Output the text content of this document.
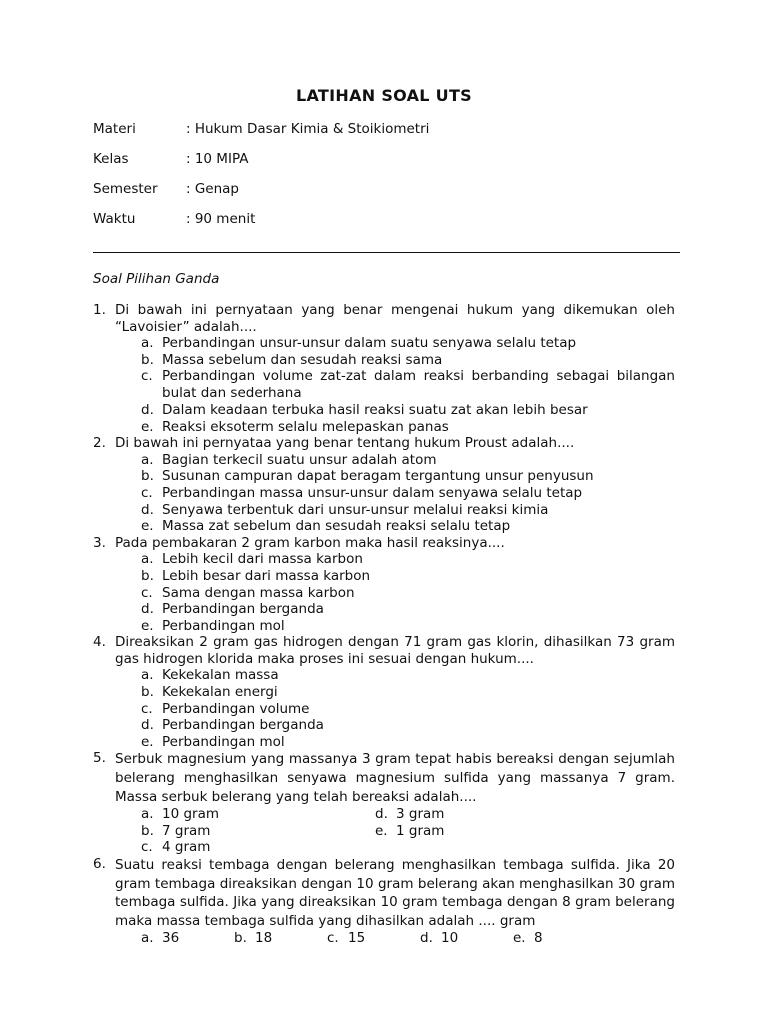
LATIHAN SOAL UTS
Materi	: Hukum Dasar Kimia & Stoikiometri
Kelas	: 10 MIPA
Semester : Genap
Waktu	: 90 menit
Soal Pilihan Ganda
1. Di bawah ini pernyataan yang benar mengenai hukum yang dikemukan oleh “Lavoisier” adalah....
a. Perbandingan unsur-unsur dalam suatu senyawa selalu tetap
b. Massa sebelum dan sesudah reaksi sama
c. Perbandingan volume zat-zat dalam reaksi berbanding sebagai bilangan bulat dan sederhana
d. Dalam keadaan terbuka hasil reaksi suatu zat akan lebih besar
e. Reaksi eksoterm selalu melepaskan panas
2. Di bawah ini pernyataa yang benar tentang hukum Proust adalah....
a. Bagian terkecil suatu unsur adalah atom
b. Susunan campuran dapat beragam tergantung unsur penyusun
c. Perbandingan massa unsur-unsur dalam senyawa selalu tetap
d. Senyawa terbentuk dari unsur-unsur melalui reaksi kimia
e. Massa zat sebelum dan sesudah reaksi selalu tetap
3. Pada pembakaran 2 gram karbon maka hasil reaksinya....
a. Lebih kecil dari massa karbon
b. Lebih besar dari massa karbon
c. Sama dengan massa karbon
d. Perbandingan berganda
e. Perbandingan mol
4. Direaksikan 2 gram gas hidrogen dengan 71 gram gas klorin, dihasilkan 73 gram gas hidrogen klorida maka proses ini sesuai dengan hukum....
a. Kekekalan massa
b. Kekekalan energi
c. Perbandingan volume
d. Perbandingan berganda
e. Perbandingan mol
5. Serbuk magnesium yang massanya 3 gram tepat habis bereaksi dengan sejumlah belerang menghasilkan senyawa magnesium sulfida yang massanya 7 gram. Massa serbuk belerang yang telah bereaksi adalah....
a. 10 gram	d. 3 gram
b. 7 gram	e. 1 gram
c. 4 gram
6. Suatu reaksi tembaga dengan belerang menghasilkan tembaga sulfida. Jika 20 gram tembaga direaksikan dengan 10 gram belerang akan menghasilkan 30 gram tembaga sulfida. Jika yang direaksikan 10 gram tembaga dengan 8 gram belerang maka massa tembaga sulfida yang dihasilkan adalah .... gram
a. 36	b. 18	c. 15	d. 10	e. 8
